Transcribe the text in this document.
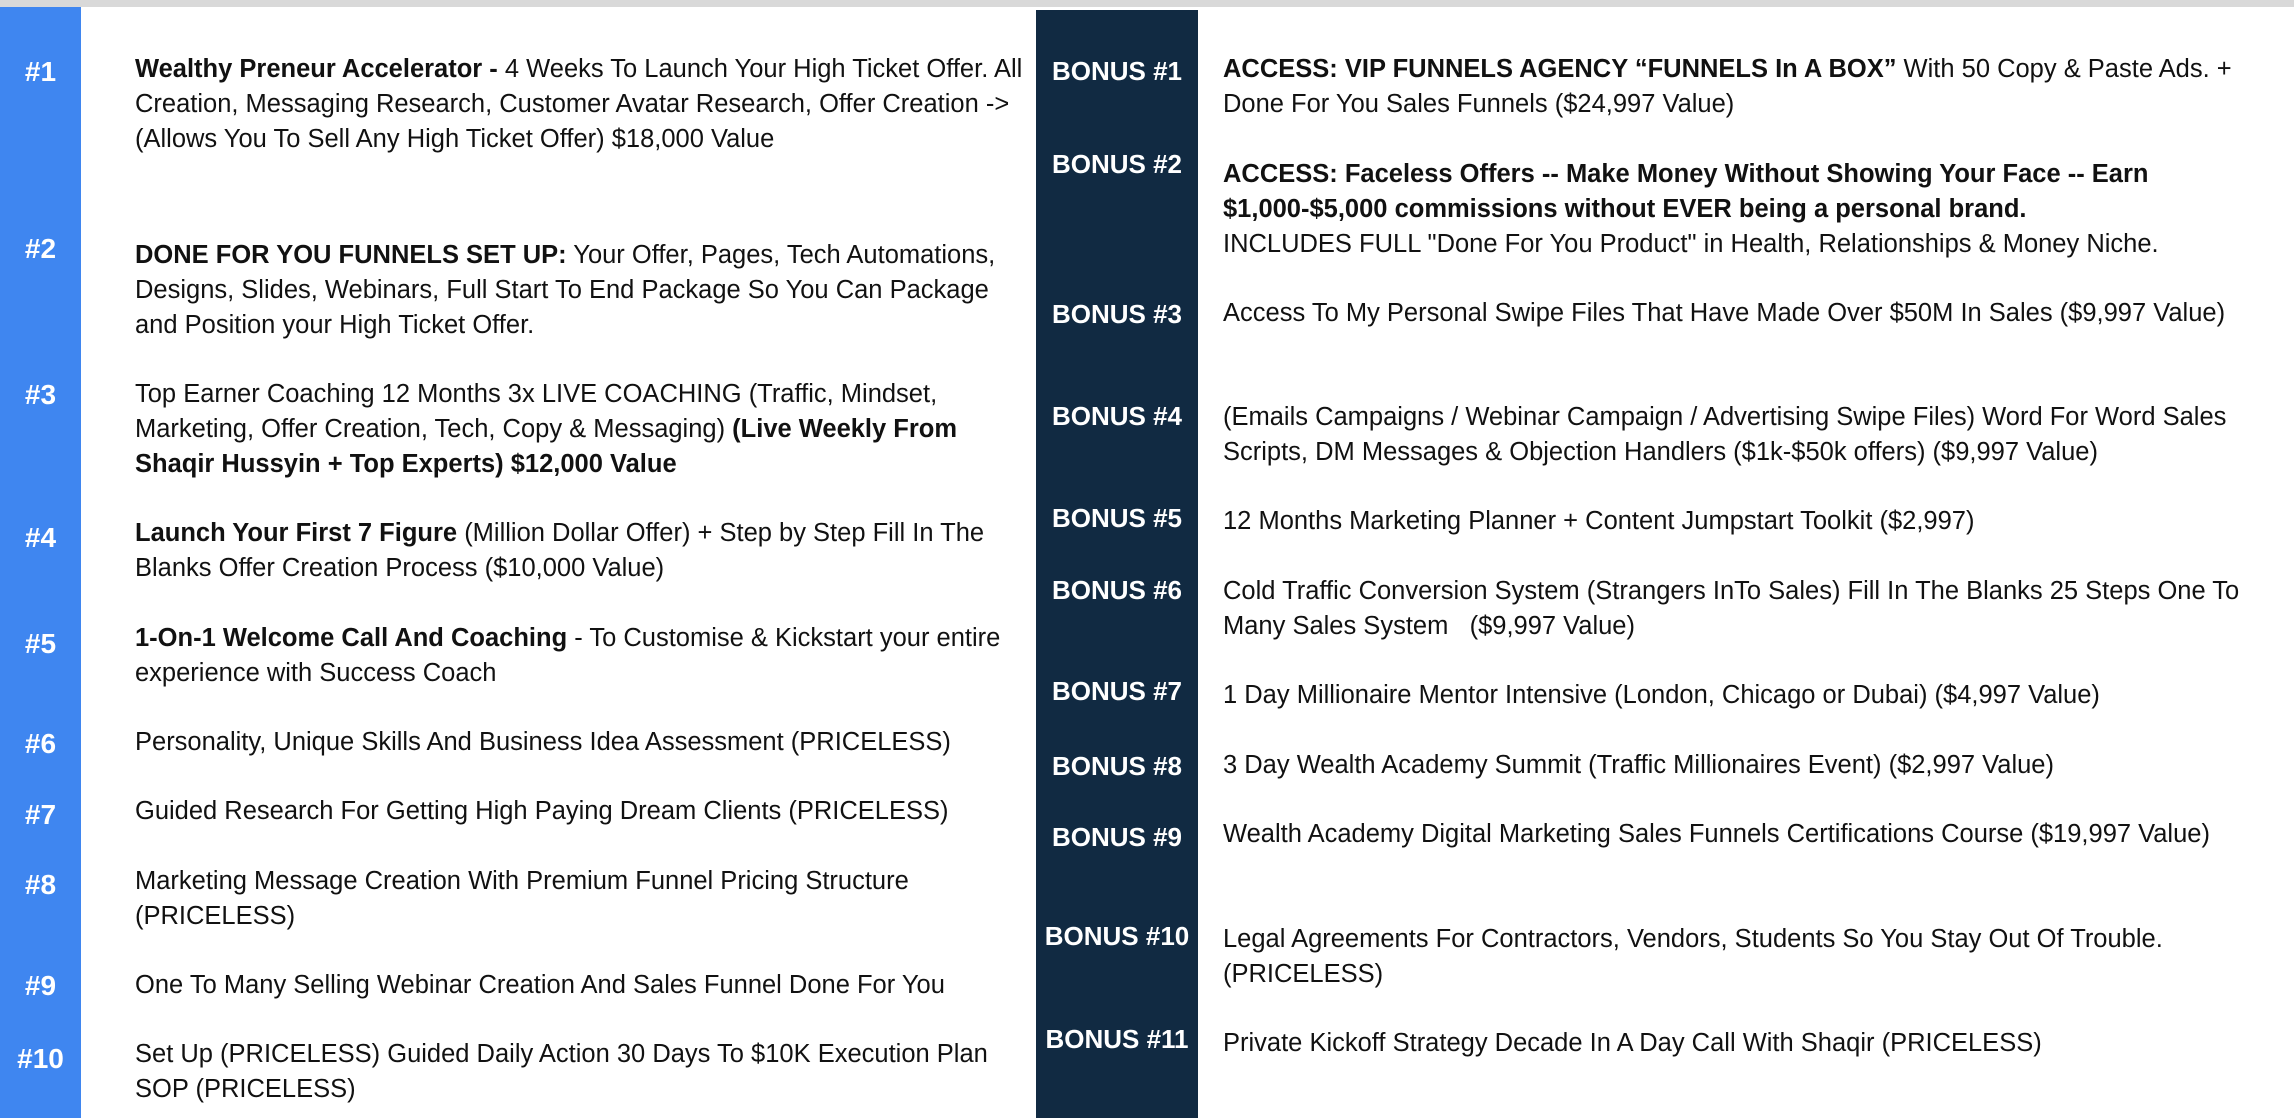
#1
#2
#3
#4
#5
#6
#7
#8
#9
#10
Wealthy Preneur Accelerator - 4 Weeks To Launch Your High Ticket Offer. All Creation, Messaging Research, Customer Avatar Research, Offer Creation -> (Allows You To Sell Any High Ticket Offer) $18,000 Value
DONE FOR YOU FUNNELS SET UP: Your Offer, Pages, Tech Automations, Designs, Slides, Webinars, Full Start To End Package So You Can Package and Position your High Ticket Offer.
Top Earner Coaching 12 Months 3x LIVE COACHING (Traffic, Mindset, Marketing, Offer Creation, Tech, Copy & Messaging) (Live Weekly From Shaqir Hussyin + Top Experts) $12,000 Value
Launch Your First 7 Figure (Million Dollar Offer) + Step by Step Fill In The Blanks Offer Creation Process ($10,000 Value)
1-On-1 Welcome Call And Coaching - To Customise & Kickstart your entire experience with Success Coach
Personality, Unique Skills And Business Idea Assessment (PRICELESS)
Guided Research For Getting High Paying Dream Clients (PRICELESS)
Marketing Message Creation With Premium Funnel Pricing Structure (PRICELESS)
One To Many Selling Webinar Creation And Sales Funnel Done For You
Set Up (PRICELESS) Guided Daily Action 30 Days To $10K Execution Plan SOP (PRICELESS)
BONUS #1
BONUS #2
BONUS #3
BONUS #4
BONUS #5
BONUS #6
BONUS #7
BONUS #8
BONUS #9
BONUS #10
BONUS #11
ACCESS: VIP FUNNELS AGENCY “FUNNELS In A BOX” With 50 Copy & Paste Ads. + Done For You Sales Funnels ($24,997 Value)
ACCESS: Faceless Offers -- Make Money Without Showing Your Face -- Earn $1,000-$5,000 commissions without EVER being a personal brand.
INCLUDES FULL "Done For You Product" in Health, Relationships & Money Niche.
Access To My Personal Swipe Files That Have Made Over $50M In Sales ($9,997 Value)
(Emails Campaigns / Webinar Campaign / Advertising Swipe Files) Word For Word Sales Scripts, DM Messages & Objection Handlers ($1k-$50k offers) ($9,997 Value)
12 Months Marketing Planner + Content Jumpstart Toolkit ($2,997)
Cold Traffic Conversion System (Strangers InTo Sales) Fill In The Blanks 25 Steps One To Many Sales System   ($9,997 Value)
1 Day Millionaire Mentor Intensive (London, Chicago or Dubai) ($4,997 Value)
3 Day Wealth Academy Summit (Traffic Millionaires Event) ($2,997 Value)
Wealth Academy Digital Marketing Sales Funnels Certifications Course ($19,997 Value)
Legal Agreements For Contractors, Vendors, Students So You Stay Out Of Trouble. (PRICELESS)
Private Kickoff Strategy Decade In A Day Call With Shaqir (PRICELESS)
